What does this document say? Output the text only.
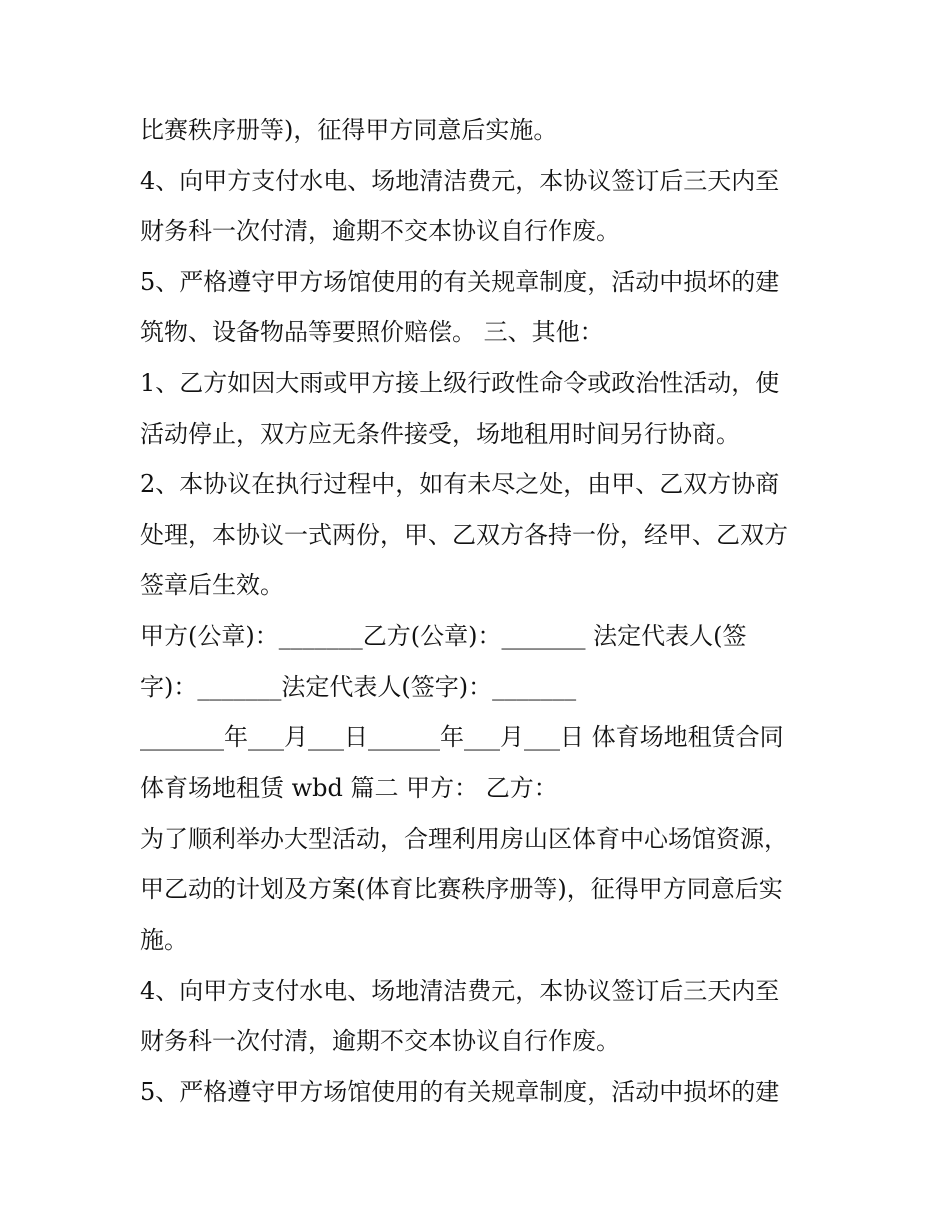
比赛秩序册等)，征得甲方同意后实施。
4、向甲方支付水电、场地清洁费元，本协议签订后三天内至
财务科一次付清，逾期不交本协议自行作废。
5、严格遵守甲方场馆使用的有关规章制度，活动中损坏的建
筑物、设备物品等要照价赔偿。 三、其他：
1、乙方如因大雨或甲方接上级行政性命令或政治性活动，使
活动停止，双方应无条件接受，场地租用时间另行协商。
2、本协议在执行过程中，如有未尽之处，由甲、乙双方协商
处理，本协议一式两份，甲、乙双方各持一份，经甲、乙双方
签章后生效。
甲方(公章)：_______乙方(公章)：_______ 法定代表人(签
字)：_______法定代表人(签字)：_______
_______年___月___日______年___月___日 体育场地租赁合同
体育场地租赁 wbd 篇二 甲方： 乙方：
为了顺利举办大型活动，合理利用房山区体育中心场馆资源，
甲乙动的计划及方案(体育比赛秩序册等)，征得甲方同意后实
施。
4、向甲方支付水电、场地清洁费元，本协议签订后三天内至
财务科一次付清，逾期不交本协议自行作废。
5、严格遵守甲方场馆使用的有关规章制度，活动中损坏的建
